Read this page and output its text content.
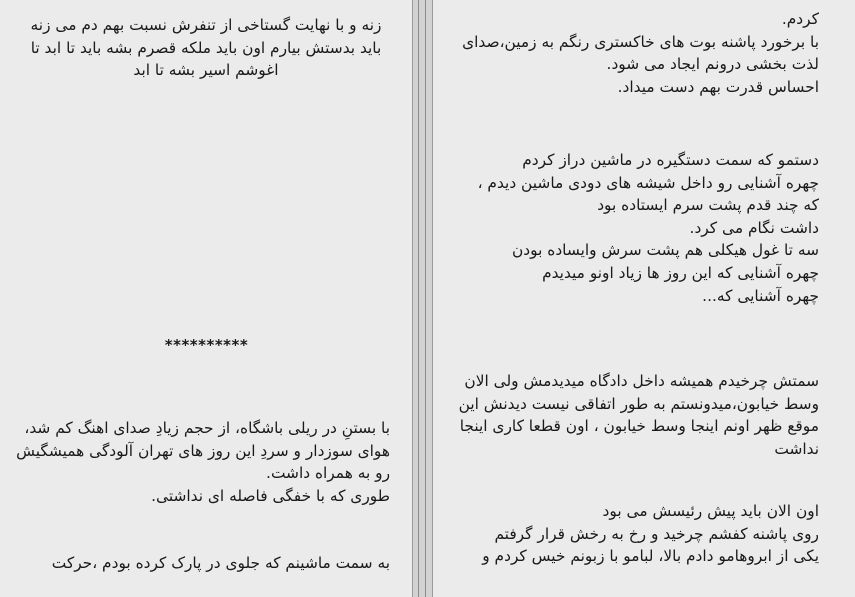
زنه و با نهایت گستاخی از تنفرش نسبت بهم دم می زنه
باید بدستش بیارم اون باید ملکه قصرم بشه باید تا ابد تا اغوشم اسیر بشه تا ابد
**********
با بستنِ در ریلی باشگاه، از حجم زیادِ صدای اهنگ کم شد، هوای سوزدار و سردِ این روز های تهران آلودگی همیشگیش رو به همراه داشت.
طوری که با خفگی فاصله ای نداشتی.
به سمت ماشینم که جلوی در پارک کرده بودم ،حرکت
کردم.
با برخورد پاشنه بوت های خاکستری رنگم به زمین،صدای لذت بخشی درونم ایجاد می شود.
احساس قدرت بهم دست میداد.
دستمو که سمت دستگیره در ماشین دراز کردم
چهره آشنایی رو داخل شیشه های دودی ماشین دیدم ،
که چند قدم پشت سرم ایستاده بود
داشت نگام می کرد.
سه تا غول هیکلی هم پشت سرش وایساده بودن
چهره آشنایی که این روز ها زیاد اونو میدیدم
چهره آشنایی که...
سمتش چرخیدم همیشه داخل دادگاه میدیدمش ولی الان وسط خیابون،میدونستم به طور اتفاقی نیست دیدنش این موقع ظهر اونم اینجا وسط خیابون ، اون قطعا کاری اینجا نداشت
اون الان باید پیش رئیسش می بود
روی پاشنه کفشم چرخید و رخ به رخش قرار گرفتم
یکی از ابروهامو دادم بالا، لبامو با زبونم خیس کردم و
